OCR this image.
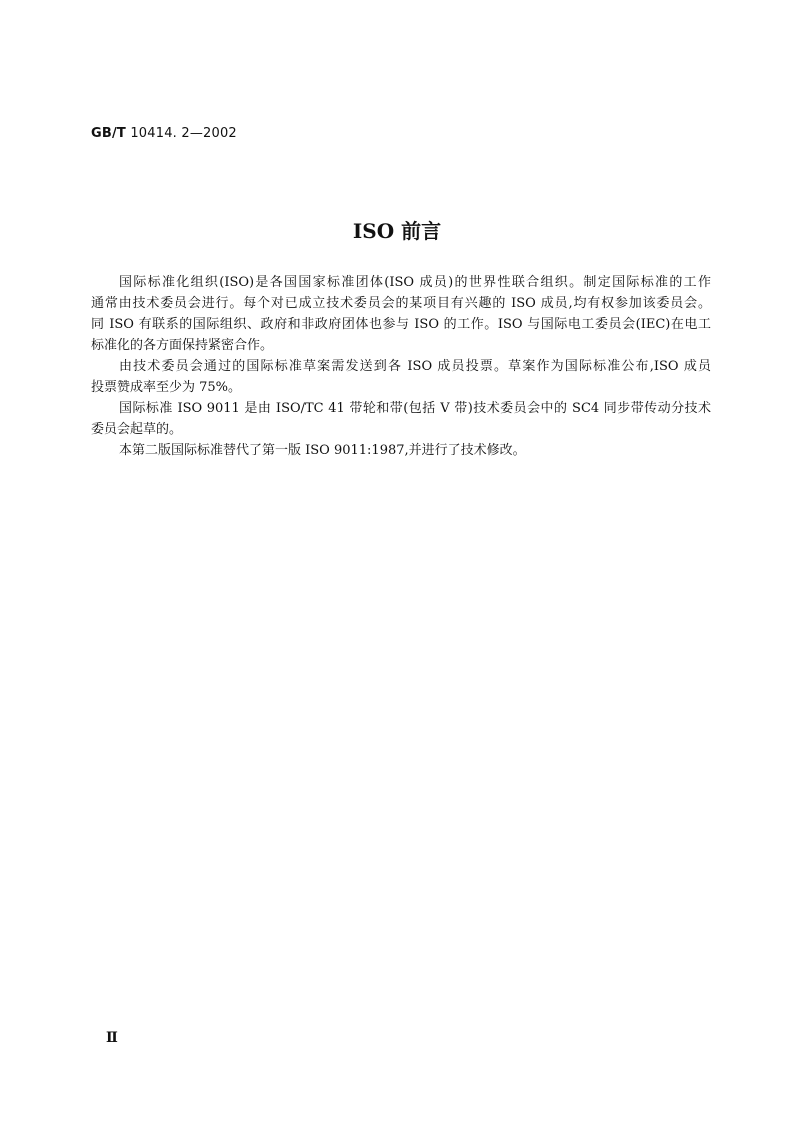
GB/T 10414. 2—2002
ISO 前言
国际标准化组织(ISO)是各国国家标准团体(ISO 成员)的世界性联合组织。制定国际标准的工作
通常由技术委员会进行。每个对已成立技术委员会的某项目有兴趣的 ISO 成员,均有权参加该委员会。
同 ISO 有联系的国际组织、政府和非政府团体也参与 ISO 的工作。ISO 与国际电工委员会(IEC)在电工
标准化的各方面保持紧密合作。
由技术委员会通过的国际标准草案需发送到各 ISO 成员投票。草案作为国际标准公布,ISO 成员
投票赞成率至少为 75%。
国际标准 ISO 9011 是由 ISO/TC 41 带轮和带(包括 V 带)技术委员会中的 SC4 同步带传动分技术
委员会起草的。
本第二版国际标准替代了第一版 ISO 9011:1987,并进行了技术修改。
Ⅱ
